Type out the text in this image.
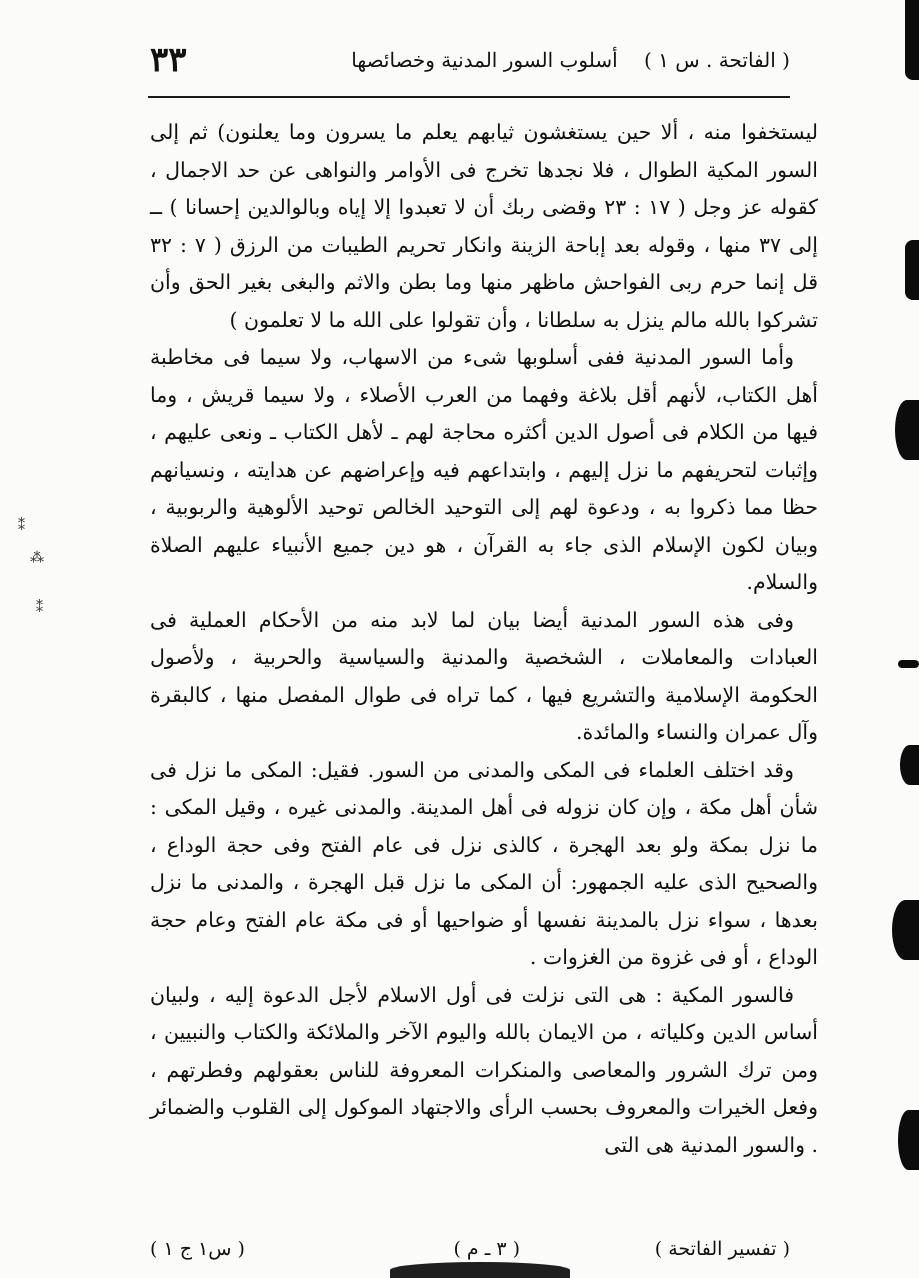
( الفاتحة . س ١ ) أسلوب السور المدنية وخصائصها
٣٣

ليستخفوا منه ، ألا حين يستغشون ثيابهم يعلم ما يسرون وما يعلنون) ثم إلى السور المكية الطوال ، فلا نجدها تخرج فى الأوامر والنواهى عن حد الاجمال ، كقوله عز وجل ( ١٧ : ٢٣ وقضى ربك أن لا تعبدوا إلا إياه وبالوالدين إحسانا ) ــ إلى ٣٧ منها ، وقوله بعد إباحة الزينة وانكار تحريم الطيبات من الرزق ( ٧ : ٣٢ قل إنما حرم ربى الفواحش ماظهر منها وما بطن والاثم والبغى بغير الحق وأن تشركوا بالله مالم ينزل به سلطانا ، وأن تقولوا على الله ما لا تعلمون )

وأما السور المدنية ففى أسلوبها شىء من الاسهاب، ولا سيما فى مخاطبة أهل الكتاب، لأنهم أقل بلاغة وفهما من العرب الأصلاء ، ولا سيما قريش ، وما فيها من الكلام فى أصول الدين أكثره محاجة لهم ـ لأهل الكتاب ـ ونعى عليهم ، وإثبات لتحريفهم ما نزل إليهم ، وابتداعهم فيه وإعراضهم عن هدايته ، ونسيانهم حظا مما ذكروا به ، ودعوة لهم إلى التوحيد الخالص توحيد الألوهية والربوبية ، وبيان لكون الإسلام الذى جاء به القرآن ، هو دين جميع الأنبياء عليهم الصلاة والسلام.

وفى هذه السور المدنية أيضا بيان لما لابد منه من الأحكام العملية فى العبادات والمعاملات ، الشخصية والمدنية والسياسية والحربية ، ولأصول الحكومة الإسلامية والتشريع فيها ، كما تراه فى طوال المفصل منها ، كالبقرة وآل عمران والنساء والمائدة.

وقد اختلف العلماء فى المكى والمدنى من السور. فقيل: المكى ما نزل فى شأن أهل مكة ، وإن كان نزوله فى أهل المدينة. والمدنى غيره ، وقيل المكى : ما نزل بمكة ولو بعد الهجرة ، كالذى نزل فى عام الفتح وفى حجة الوداع ، والصحيح الذى عليه الجمهور: أن المكى ما نزل قبل الهجرة ، والمدنى ما نزل بعدها ، سواء نزل بالمدينة نفسها أو ضواحيها أو فى مكة عام الفتح وعام حجة الوداع ، أو فى غزوة من الغزوات .

فالسور المكية : هى التى نزلت فى أول الاسلام لأجل الدعوة إليه ، ولبيان أساس الدين وكلياته ، من الايمان بالله واليوم الآخر والملائكة والكتاب والنبيين ، ومن ترك الشرور والمعاصى والمنكرات المعروفة للناس بعقولهم وفطرتهم ، وفعل الخيرات والمعروف بحسب الرأى والاجتهاد الموكول إلى القلوب والضمائر . والسور المدنية هى التى

( تفسير الفاتحة )
( ٣ ـ م )
( س١ ج ١ )
⁑
⁂
⁑
